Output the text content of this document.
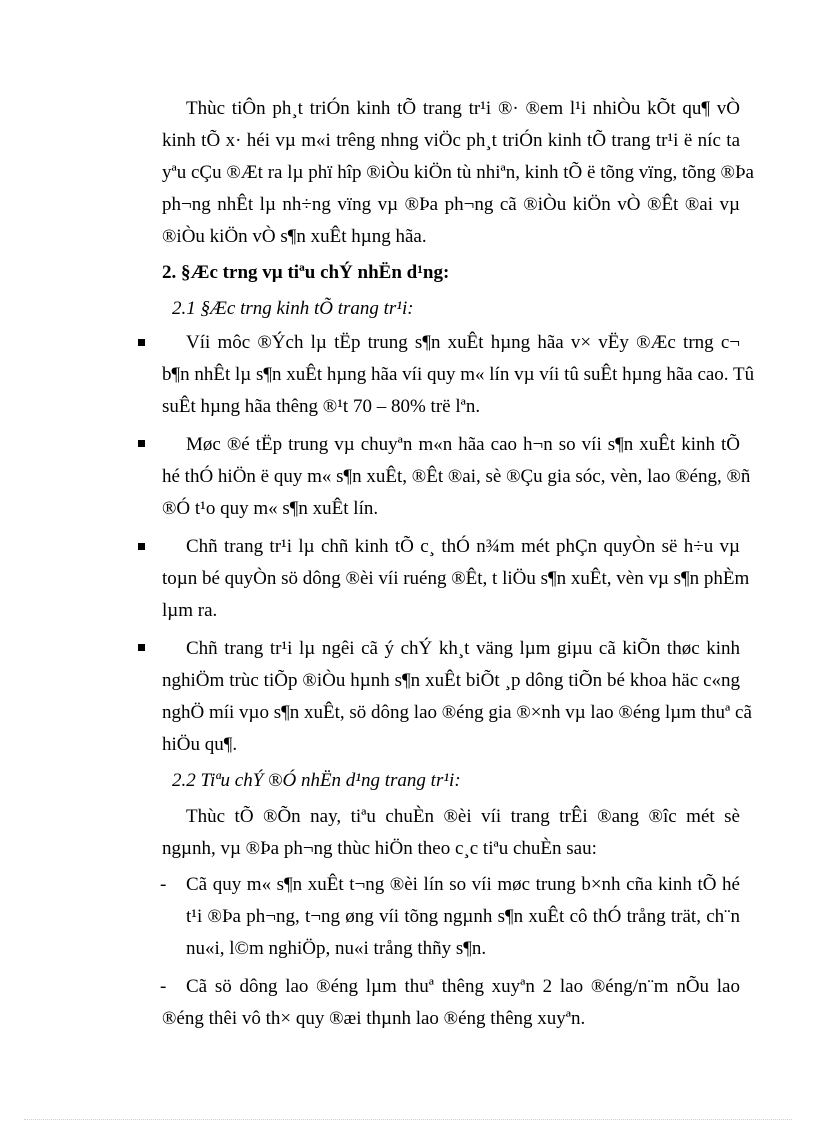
Thùc tiÔn ph¸t triÓn kinh tÕ trang tr¹i ®· ®em l¹i nhiÒu kÕt qu¶ vÒ
kinh tÕ x· héi vµ m«i trêng nhng viÖc ph¸t triÓn kinh tÕ trang tr¹i ë níc ta
yªu cÇu ®Æt ra lµ phï hîp ®iÒu kiÖn tù nhiªn, kinh tÕ ë tõng vïng, tõng ®Þa
ph¬ng nhÊt lµ nh÷ng vïng vµ ®Þa ph¬ng cã ®iÒu kiÖn vÒ ®Êt ®ai vµ
®iÒu kiÖn vÒ s¶n xuÊt hµng hãa.
2. §Æc trng vµ tiªu chÝ nhËn d¹ng:
2.1 §Æc trng kinh tÕ trang tr¹i:
Víi môc ®Ých lµ tËp trung s¶n xuÊt hµng hãa v× vËy ®Æc trng c¬
b¶n nhÊt lµ s¶n xuÊt hµng hãa víi quy m« lín vµ víi tû suÊt hµng hãa cao. Tû
suÊt hµng hãa thêng ®¹t 70 – 80% trë lªn.
Møc ®é tËp trung vµ chuyªn m«n hãa cao h¬n so víi s¶n xuÊt kinh tÕ
hé thÓ hiÖn ë quy m« s¶n xuÊt, ®Êt ®ai, sè ®Çu gia sóc, vèn, lao ®éng, ®ñ
®Ó t¹o quy m« s¶n xuÊt lín.
Chñ trang tr¹i lµ chñ kinh tÕ c¸ thÓ n¾m mét phÇn quyÒn së h÷u vµ
toµn bé quyÒn sö dông ®èi víi ruéng ®Êt, t liÖu s¶n xuÊt, vèn vµ s¶n phÈm
lµm ra.
Chñ trang tr¹i lµ ngêi cã ý chÝ kh¸t väng lµm giµu cã kiÕn thøc kinh
nghiÖm trùc tiÕp ®iÒu hµnh s¶n xuÊt biÕt ¸p dông tiÕn bé khoa häc c«ng
nghÖ míi vµo s¶n xuÊt, sö dông lao ®éng gia ®×nh vµ lao ®éng lµm thuª cã
hiÖu qu¶.
2.2 Tiªu chÝ ®Ó nhËn d¹ng trang tr¹i:
Thùc tÕ ®Õn nay, tiªu chuÈn ®èi víi trang trÊi ®ang ®îc mét sè
ngµnh, vµ ®Þa ph¬ng thùc hiÖn theo c¸c tiªu chuÈn sau:
- Cã quy m« s¶n xuÊt t¬ng ®èi lín so víi møc trung b×nh cña kinh tÕ hé
t¹i ®Þa ph¬ng, t¬ng øng víi tõng ngµnh s¶n xuÊt cô thÓ trång trät, ch¨n
nu«i, l©m nghiÖp, nu«i trång thñy s¶n.
- Cã sö dông lao ®éng lµm thuª thêng xuyªn 2 lao ®éng/n¨m nÕu lao
®éng thêi vô th× quy ®æi thµnh lao ®éng thêng xuyªn.
